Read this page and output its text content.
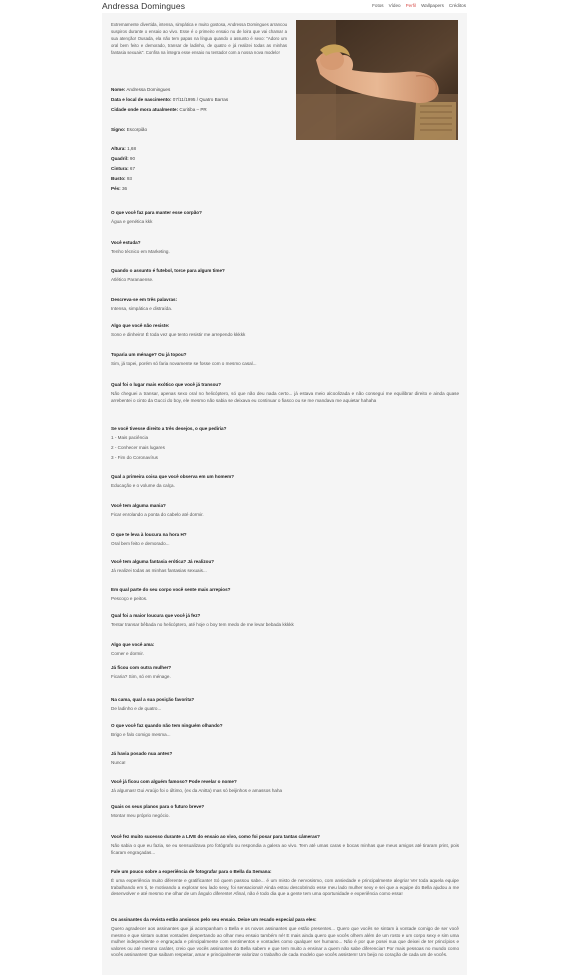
Andressa Domingues	Fotos Vídeo Perfil Wallpapers Créditos
Extremamente divertida, intensa, simpática e muito gostosa, Andressa Domingues arrancou suspiros durante o ensaio ao vivo. Esse é o primeiro ensaio nu de loira que vai chamar a sua atenção! Ousada, ela não tem papas na língua quando o assunto é sexo: "Adoro um oral bem feito e demorado, transar de ladinho, de quatro e já realizei todas as minhas fantasia sexuais". Confira na íntegra esse ensaio nu tentador com a nossa nova modelo!
Nome: Andressa Domingues
Data e local de nascimento: 07/11/1995 / Quatro Barras
Cidade onde mora atualmente: Curitiba – PR
Signo: Escorpião
Altura: 1,68
Quadril: 90
Cintura: 67
Busto: 93
Pés: 36
O que você faz para manter esse corpão?
Água e genética kkk
Você estuda?
Tenho técnico em Marketing.
Quando o assunto é futebol, torce para algum time?
Atlético Paranaense.
Descreva-se em três palavras:
Intensa, simpática e distraída.
Algo que você não resiste:
Sono e dinheiro! É toda vez que tento resistir me arrependo kkkkk
Toparia um ménage? Ou já topou?
Sim, já topei, porém só faria novamente se fosse com o mesmo casal...
Qual foi o lugar mais exótico que você já transou?
Não cheguei a transar, apenas sexo oral no helicóptero, só que não deu nada certo... já estava meio alcoolizada e não consegui me equilibrar direito e ainda quase arrebentei o cinto da Gucci do boy, ele mesmo não sabia se deixava eu continuar o fiasco ou se me mandava me aquietar hahaha
Se você tivesse direito a três desejos, o que pediria?
1 - Mais paciência
2 - Conhecer mais lugares
3 - Fim do Coronavírus
Qual a primeira coisa que você observa em um homem?
Educação e o volume da calça.
Você tem alguma mania?
Ficar enrolando a ponta do cabelo até dormir.
O que te leva à loucura na hora H?
Oral bem feito e demorado...
Você tem alguma fantasia erótica? Já realizou?
Já realizei todas as minhas fantasias sexuais...
Em qual parte do seu corpo você sente mais arrepios?
Pescoço e peitos.
Qual foi a maior loucura que você já fez?
Tentar transar bêbada no helicóptero, até hoje o boy tem medo de me levar bebada kkkkk
Algo que você ama:
Comer e dormir.
Já ficou com outra mulher?
Ficaria? Sim, só em ménage.
Na cama, qual a sua posição favorita?
De ladinho e de quatro...
O que você faz quando não tem ninguém olhando?
Brigo e falo comigo mesma...
Já havia posado nua antes?
Nunca!
Você já ficou com alguém famoso? Pode revelar o nome?
Já algumas! Gui Araújo foi o último, (ex da Anitta) mas só beijinhos e amassos haha
Quais os seus planos para o futuro breve?
Montar meu próprio negócio.
Você fez muito sucesso durante a LIVE do ensaio ao vivo, como foi posar para tantas câmeras?
Não sabia o que eu fazia, se eu sensualizava pro fotógrafo ou respondia a galera ao vivo. Tem até umas caras e bocas minhas que meus amigos até tiraram print, pois ficaram engraçadas...
Fale um pouco sobre a experiência de fotografar para o Bella da Semana:
É uma experiência muito diferente e gratificante! Só quem passou sabe... é um misto de nervosismo, com ansiedade e principalmente alegria! Ver toda aquela equipe trabalhando em ti, te motivando a explorar seu lado sexy, foi sensacional! Ainda estou descobrindo esse meu lado mulher sexy e sei que a equipe do Bella ajudou a me desenvolver e até mesmo me olhar de um ângulo diferente! Afinal, não é todo dia que a gente tem uma oportunidade e experiência como essa!
Os assinantes da revista estão ansiosos pelo seu ensaio. Deixe um recado especial para eles:
Quero agradecer aos assinantes que já acompanham o Bella e os novos assinantes que estão presentes... Quero que vocês se sintam à vontade comigo de ser você mesmo e que sintam outras vontades despertando ao olhar meu ensaio também né! E mais ainda quero que vocês olhem além de um rosto e um corpo sexy e sim uma mulher independente e engraçada e principalmente com sentimentos e vontades como qualquer ser humano... Não é por que posei nua que deixei de ter princípios e valores ou até mesmo caráter, creio que vocês assinantes do Bella sabem e que tem muito a ensinar a quem não sabe diferenciar! Por mais pessoas no mundo como vocês assinantes! Que saibam respeitar, amar e principalmente valorizar o trabalho de cada modelo que vocês assistem! Um beijo no coração de cada um de vocês.
